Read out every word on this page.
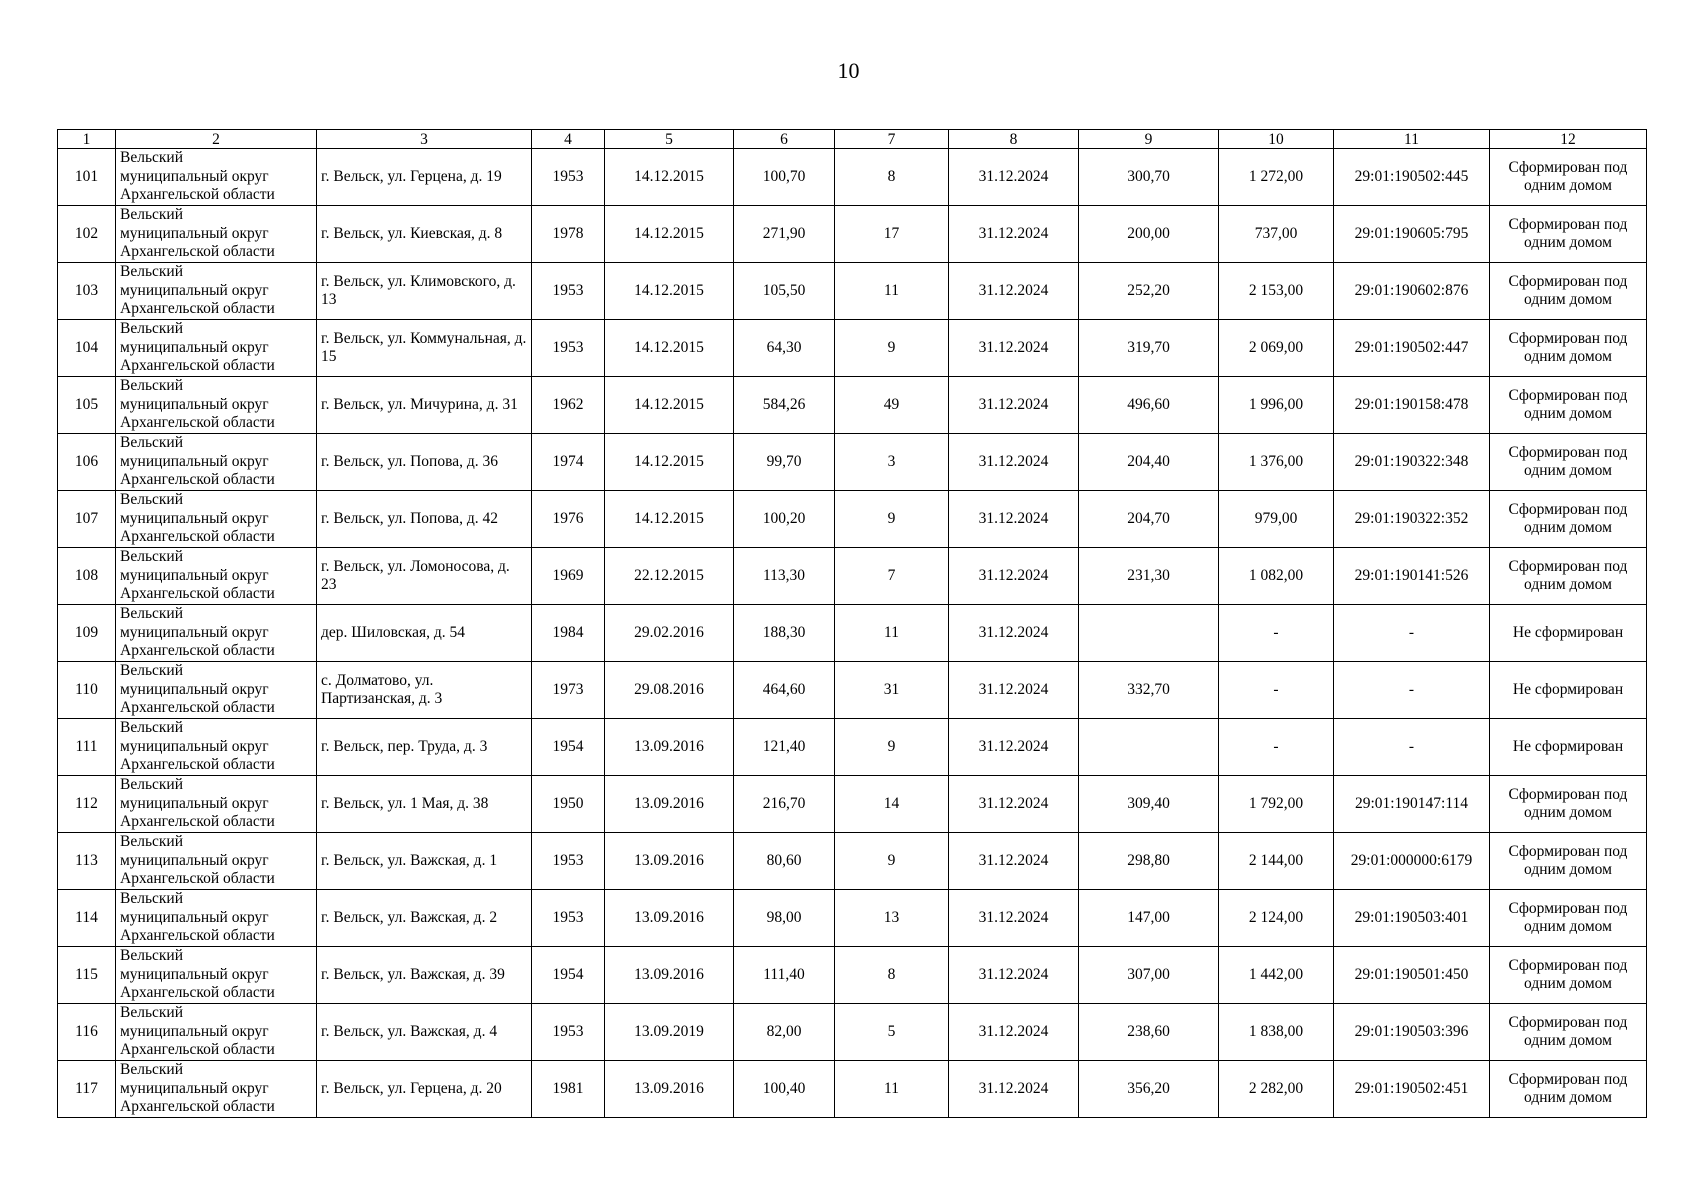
10
1	2	3	4	5	6	7	8	9	10	11	12
101	Вельский
муниципальный округ
Архангельской области	г. Вельск, ул. Герцена, д. 19	1953	14.12.2015	100,70	8	31.12.2024	300,70	1 272,00	29:01:190502:445	Сформирован под одним домом
102	Вельский
муниципальный округ
Архангельской области	г. Вельск, ул. Киевская, д. 8	1978	14.12.2015	271,90	17	31.12.2024	200,00	737,00	29:01:190605:795	Сформирован под одним домом
103	Вельский
муниципальный округ
Архангельской области	г. Вельск, ул. Климовского, д. 13	1953	14.12.2015	105,50	11	31.12.2024	252,20	2 153,00	29:01:190602:876	Сформирован под одним домом
104	Вельский
муниципальный округ
Архангельской области	г. Вельск, ул. Коммунальная, д. 15	1953	14.12.2015	64,30	9	31.12.2024	319,70	2 069,00	29:01:190502:447	Сформирован под одним домом
105	Вельский
муниципальный округ
Архангельской области	г. Вельск, ул. Мичурина, д. 31	1962	14.12.2015	584,26	49	31.12.2024	496,60	1 996,00	29:01:190158:478	Сформирован под одним домом
106	Вельский
муниципальный округ
Архангельской области	г. Вельск, ул. Попова, д. 36	1974	14.12.2015	99,70	3	31.12.2024	204,40	1 376,00	29:01:190322:348	Сформирован под одним домом
107	Вельский
муниципальный округ
Архангельской области	г. Вельск, ул. Попова, д. 42	1976	14.12.2015	100,20	9	31.12.2024	204,70	979,00	29:01:190322:352	Сформирован под одним домом
108	Вельский
муниципальный округ
Архангельской области	г. Вельск, ул. Ломоносова, д. 23	1969	22.12.2015	113,30	7	31.12.2024	231,30	1 082,00	29:01:190141:526	Сформирован под одним домом
109	Вельский
муниципальный округ
Архангельской области	дер. Шиловская, д. 54	1984	29.02.2016	188,30	11	31.12.2024		-	-	Не сформирован
110	Вельский
муниципальный округ
Архангельской области	с. Долматово, ул. Партизанская, д. 3	1973	29.08.2016	464,60	31	31.12.2024	332,70	-	-	Не сформирован
111	Вельский
муниципальный округ
Архангельской области	г. Вельск, пер. Труда, д. 3	1954	13.09.2016	121,40	9	31.12.2024		-	-	Не сформирован
112	Вельский
муниципальный округ
Архангельской области	г. Вельск, ул. 1 Мая, д. 38	1950	13.09.2016	216,70	14	31.12.2024	309,40	1 792,00	29:01:190147:114	Сформирован под одним домом
113	Вельский
муниципальный округ
Архангельской области	г. Вельск, ул. Важская, д. 1	1953	13.09.2016	80,60	9	31.12.2024	298,80	2 144,00	29:01:000000:6179	Сформирован под одним домом
114	Вельский
муниципальный округ
Архангельской области	г. Вельск, ул. Важская, д. 2	1953	13.09.2016	98,00	13	31.12.2024	147,00	2 124,00	29:01:190503:401	Сформирован под одним домом
115	Вельский
муниципальный округ
Архангельской области	г. Вельск, ул. Важская, д. 39	1954	13.09.2016	111,40	8	31.12.2024	307,00	1 442,00	29:01:190501:450	Сформирован под одним домом
116	Вельский
муниципальный округ
Архангельской области	г. Вельск, ул. Важская, д. 4	1953	13.09.2019	82,00	5	31.12.2024	238,60	1 838,00	29:01:190503:396	Сформирован под одним домом
117	Вельский
муниципальный округ
Архангельской области	г. Вельск, ул. Герцена, д. 20	1981	13.09.2016	100,40	11	31.12.2024	356,20	2 282,00	29:01:190502:451	Сформирован под одним домом
